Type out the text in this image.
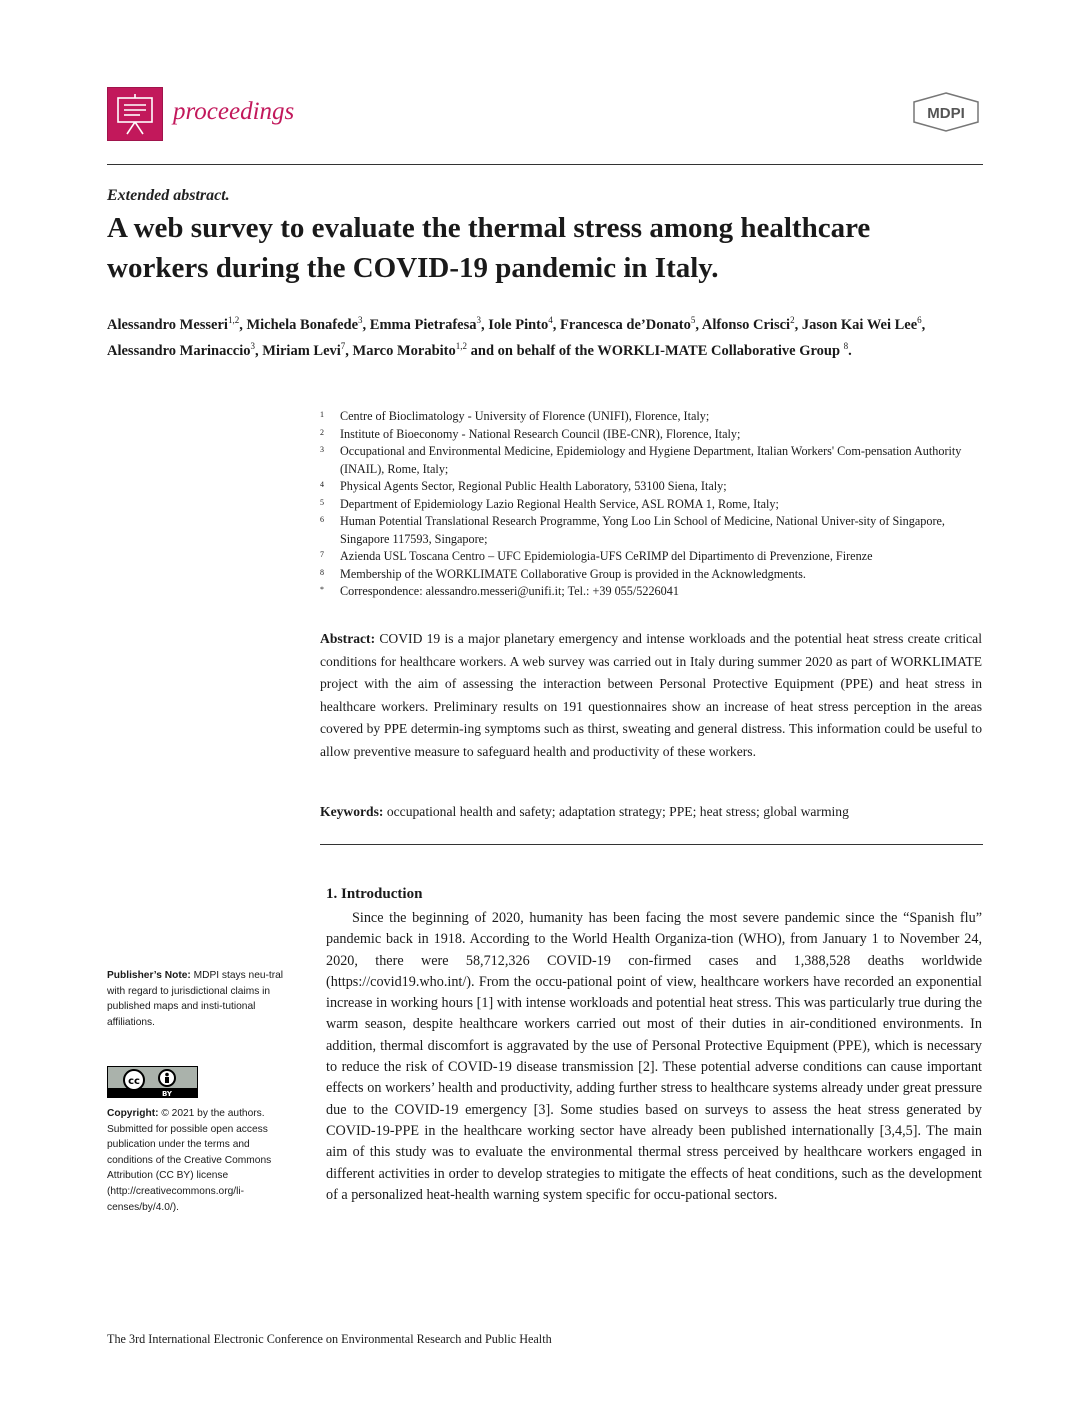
proceedings	MDPI
Extended abstract.
A web survey to evaluate the thermal stress among healthcare workers during the COVID-19 pandemic in Italy.
Alessandro Messeri$^{1,2}$, Michela Bonafede$^3$, Emma Pietrafesa$^3$, Iole Pinto$^4$, Francesca de’Donato$^5$, Alfonso Crisci$^2$, Jason Kai Wei Lee$^6$, Alessandro Marinaccio$^3$, Miriam Levi$^7$, Marco Morabito$^{1,2}$ and on behalf of the WORKLI-MATE Collaborative Group $^8$.
1	Centre of Bioclimatology - University of Florence (UNIFI), Florence, Italy;
2	Institute of Bioeconomy - National Research Council (IBE-CNR), Florence, Italy;
3	Occupational and Environmental Medicine, Epidemiology and Hygiene Department, Italian Workers' Com-pensation Authority (INAIL), Rome, Italy;
4	Physical Agents Sector, Regional Public Health Laboratory, 53100 Siena, Italy;
5	Department of Epidemiology Lazio Regional Health Service, ASL ROMA 1, Rome, Italy;
6	Human Potential Translational Research Programme, Yong Loo Lin School of Medicine, National Univer-sity of Singapore, Singapore 117593, Singapore;
7	Azienda USL Toscana Centro – UFC Epidemiologia-UFS CeRIMP del Dipartimento di Prevenzione, Firenze
8	Membership of the WORKLIMATE Collaborative Group is provided in the Acknowledgments.
*	Correspondence: alessandro.messeri@unifi.it; Tel.: +39 055/5226041
Abstract: COVID 19 is a major planetary emergency and intense workloads and the potential heat stress create critical conditions for healthcare workers. A web survey was carried out in Italy during summer 2020 as part of WORKLIMATE project with the aim of assessing the interaction between Personal Protective Equipment (PPE) and heat stress in healthcare workers. Preliminary results on 191 questionnaires show an increase of heat stress perception in the areas covered by PPE determin-ing symptoms such as thirst, sweating and general distress. This information could be useful to allow preventive measure to safeguard health and productivity of these workers.
Keywords: occupational health and safety; adaptation strategy; PPE; heat stress; global warming
Publisher’s Note: MDPI stays neu-tral with regard to jurisdictional claims in published maps and insti-tutional affiliations.
cc
BY
Copyright: © 2021 by the authors. Submitted for possible open access publication under the terms and conditions of the Creative Commons Attribution (CC BY) license (http://creativecommons.org/li-censes/by/4.0/).
1. Introduction

Since the beginning of 2020, humanity has been facing the most severe pandemic since the “Spanish flu” pandemic back in 1918. According to the World Health Organiza-tion (WHO), from January 1 to November 24, 2020, there were 58,712,326 COVID-19 con-firmed cases and 1,388,528 deaths worldwide (https://covid19.who.int/). From the occu-pational point of view, healthcare workers have recorded an exponential increase in working hours [1] with intense workloads and potential heat stress. This was particularly true during the warm season, despite healthcare workers carried out most of their duties in air-conditioned environments. In addition, thermal discomfort is aggravated by the use of Personal Protective Equipment (PPE), which is necessary to reduce the risk of COVID-19 disease transmission [2]. These potential adverse conditions can cause important effects on workers’ health and productivity, adding further stress to healthcare systems already under great pressure due to the COVID-19 emergency [3]. Some studies based on surveys to assess the heat stress generated by COVID-19-PPE in the healthcare working sector have already been published internationally [3,4,5]. The main aim of this study was to evaluate the environmental thermal stress perceived by healthcare workers engaged in different activities in order to develop strategies to mitigate the effects of heat conditions, such as the development of a personalized heat-health warning system specific for occu-pational sectors.

The 3rd International Electronic Conference on Environmental Research and Public Health
